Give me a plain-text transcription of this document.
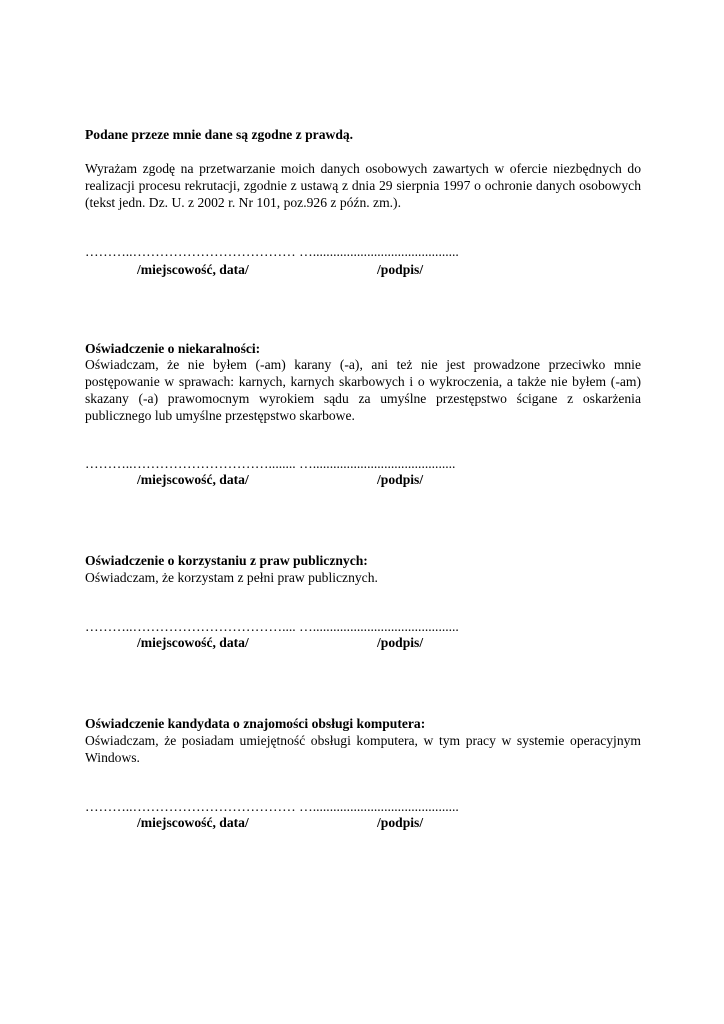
Podane przeze mnie dane są zgodne z prawdą.
Wyrażam zgodę na przetwarzanie moich danych osobowych zawartych w ofercie niezbędnych do realizacji procesu rekrutacji, zgodnie z ustawą z dnia 29 sierpnia 1997 o ochronie danych osobowych (tekst jedn. Dz. U. z 2002 r. Nr 101, poz.926 z późn. zm.).
………..……………………………… …...........................................
/miejscowość, data/	/podpis/
Oświadczenie o niekaralności:
Oświadczam, że nie byłem (-am) karany (-a), ani też nie jest prowadzone przeciwko mnie postępowanie w sprawach: karnych, karnych skarbowych i o wykroczenia, a także nie byłem (-am) skazany (-a) prawomocnym wyrokiem sądu za umyślne przestępstwo ścigane z oskarżenia publicznego lub umyślne przestępstwo skarbowe.
………..…………………………........ …..........................................
/miejscowość, data/	/podpis/
Oświadczenie o korzystaniu z praw publicznych:
Oświadczam, że korzystam z pełni praw publicznych.
………..…………………………….... …...........................................
/miejscowość, data/	/podpis/
Oświadczenie kandydata o znajomości obsługi komputera:
Oświadczam, że posiadam umiejętność obsługi komputera, w tym pracy w systemie operacyjnym Windows.
………..……………………………… …...........................................
/miejscowość, data/	/podpis/
